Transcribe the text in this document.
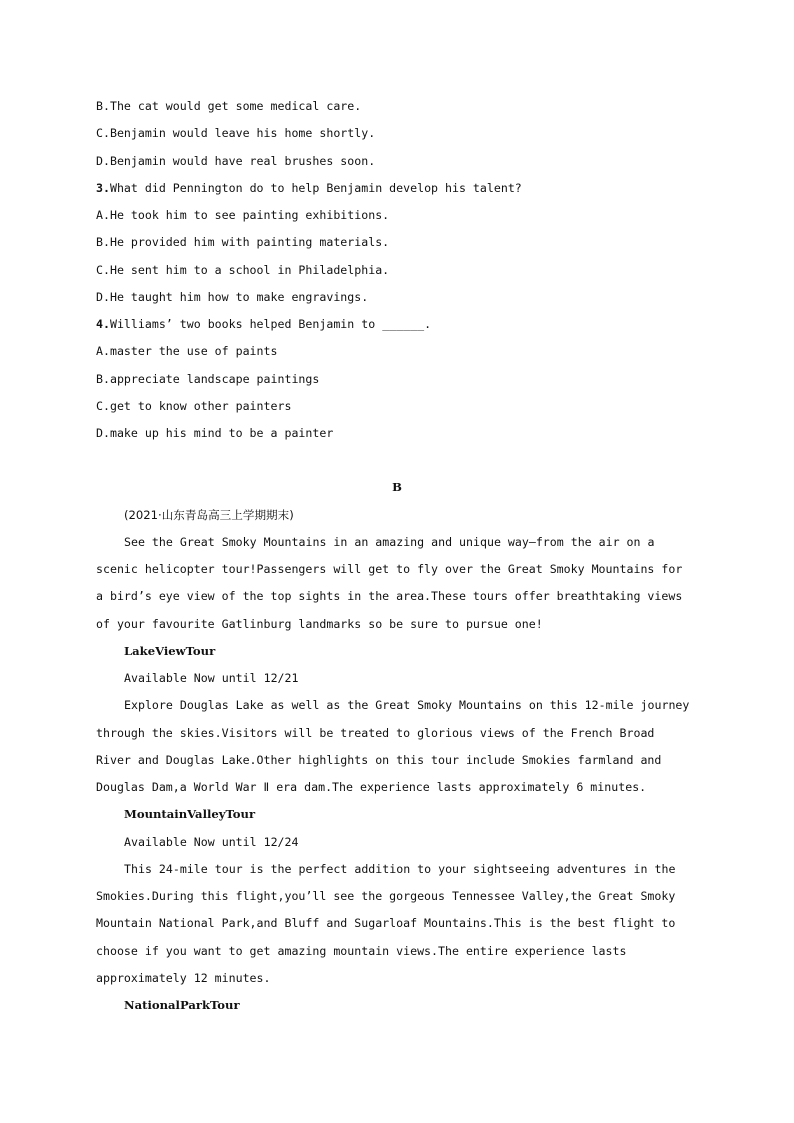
B.The cat would get some medical care.
C.Benjamin would leave his home shortly.
D.Benjamin would have real brushes soon.
3.What did Pennington do to help Benjamin develop his talent?
A.He took him to see painting exhibitions.
B.He provided him with painting materials.
C.He sent him to a school in Philadelphia.
D.He taught him how to make engravings.
4.Williams’ two books helped Benjamin to ______.
A.master the use of paints
B.appreciate landscape paintings
C.get to know other painters
D.make up his mind to be a painter
B
(2021·山东青岛高三上学期期末)
See the Great Smoky Mountains in an amazing and unique way—from the air on a
scenic helicopter tour!Passengers will get to fly over the Great Smoky Mountains for
a bird’s eye view of the top sights in the area.These tours offer breathtaking views
of your favourite Gatlinburg landmarks so be sure to pursue one!
LakeViewTour
Available Now until 12/21
Explore Douglas Lake as well as the Great Smoky Mountains on this 12-mile journey
through the skies.Visitors will be treated to glorious views of the French Broad
River and Douglas Lake.Other highlights on this tour include Smokies farmland and
Douglas Dam,a World War Ⅱ era dam.The experience lasts approximately 6 minutes.
MountainValleyTour
Available Now until 12/24
This 24-mile tour is the perfect addition to your sightseeing adventures in the
Smokies.During this flight,you’ll see the gorgeous Tennessee Valley,the Great Smoky
Mountain National Park,and Bluff and Sugarloaf Mountains.This is the best flight to
choose if you want to get amazing mountain views.The entire experience lasts
approximately 12 minutes.
NationalParkTour
